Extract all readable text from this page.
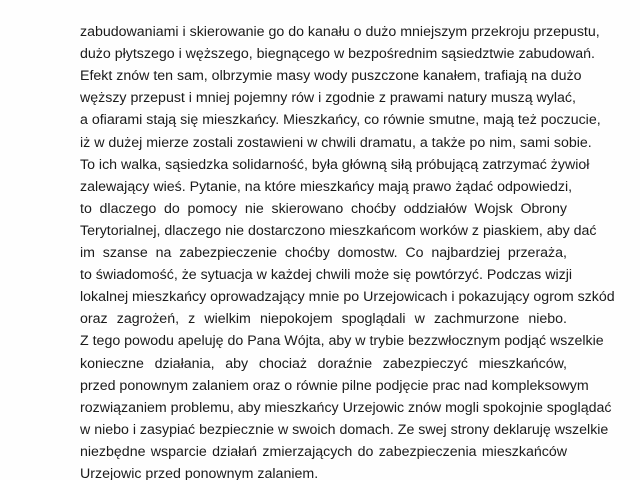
zabudowaniami i skierowanie go do kanału o dużo mniejszym przekroju przepustu,
dużo płytszego i węższego, biegnącego w bezpośrednim sąsiedztwie zabudowań.
Efekt znów ten sam, olbrzymie masy wody puszczone kanałem, trafiają na dużo
węższy przepust i mniej pojemny rów i zgodnie z prawami natury muszą wylać,
a ofiarami stają się mieszkańcy. Mieszkańcy, co równie smutne, mają też poczucie,
iż w dużej mierze zostali zostawieni w chwili dramatu, a także po nim, sami sobie.
To ich walka, sąsiedzka solidarność, była główną siłą próbującą zatrzymać żywioł
zalewający wieś. Pytanie, na które mieszkańcy mają prawo żądać odpowiedzi,
to dlaczego do pomocy nie skierowano choćby oddziałów Wojsk Obrony
Terytorialnej, dlaczego nie dostarczono mieszkańcom worków z piaskiem, aby dać
im szanse na zabezpieczenie choćby domostw. Co najbardziej przeraża,
to świadomość, że sytuacja w każdej chwili może się powtórzyć. Podczas wizji
lokalnej mieszkańcy oprowadzający mnie po Urzejowicach i pokazujący ogrom szkód
oraz zagrożeń, z wielkim niepokojem spoglądali w zachmurzone niebo.
Z tego powodu apeluję do Pana Wójta, aby w trybie bezzwłocznym podjąć wszelkie
konieczne działania, aby chociaż doraźnie zabezpieczyć mieszkańców,
przed ponownym zalaniem oraz o równie pilne podjęcie prac nad kompleksowym
rozwiązaniem problemu, aby mieszkańcy Urzejowic znów mogli spokojnie spoglądać
w niebo i zasypiać bezpiecznie w swoich domach. Ze swej strony deklaruję wszelkie
niezbędne wsparcie działań zmierzających do zabezpieczenia mieszkańców
Urzejowic przed ponownym zalaniem.
